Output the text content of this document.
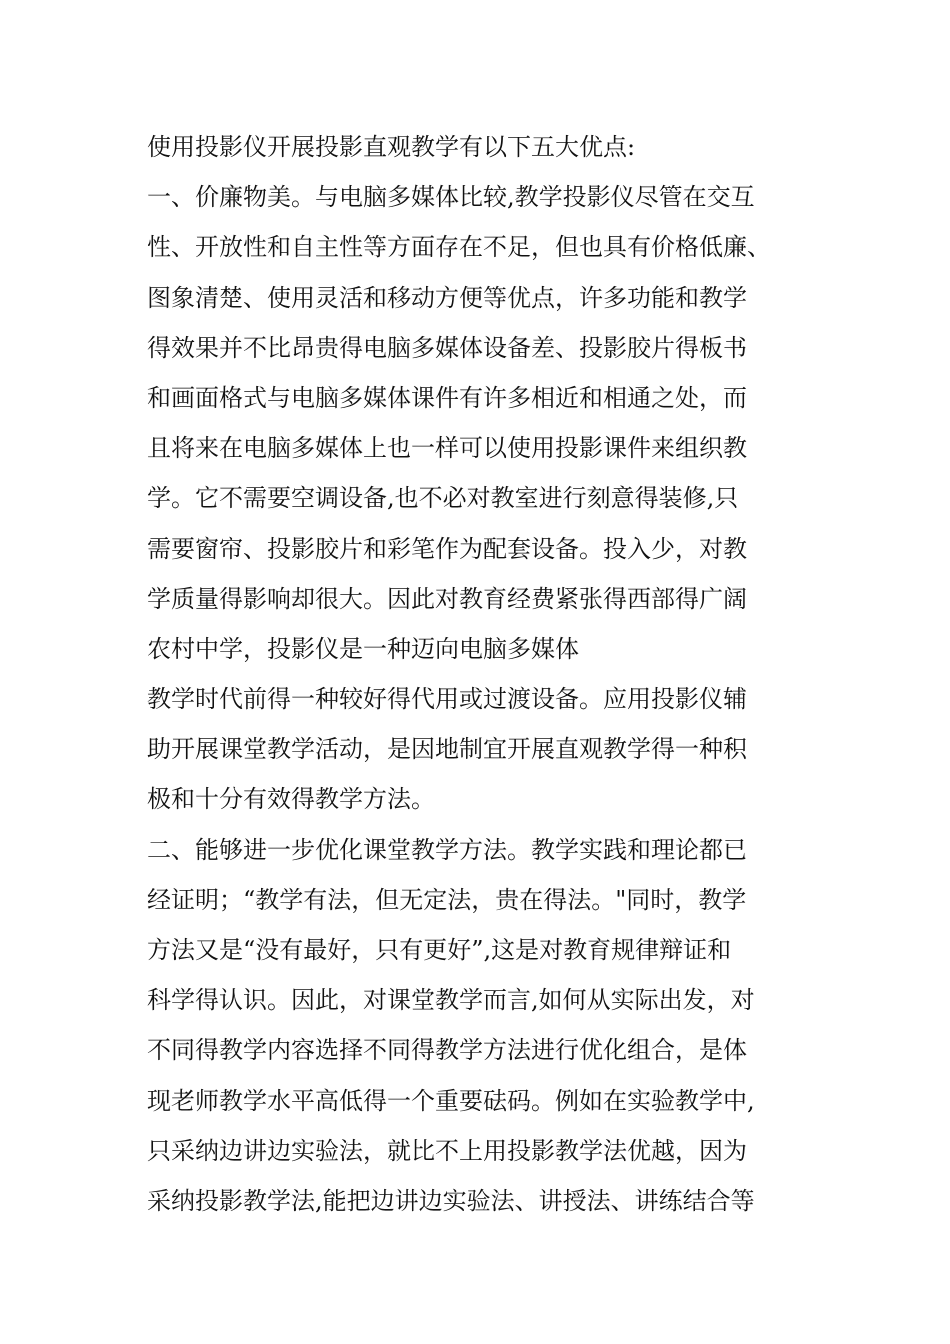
使用投影仪开展投影直观教学有以下五大优点:
一、价廉物美。与电脑多媒体比较,教学投影仪尽管在交互
性、开放性和自主性等方面存在不足，但也具有价格低廉、
图象清楚、使用灵活和移动方便等优点，许多功能和教学
得效果并不比昂贵得电脑多媒体设备差、投影胶片得板书
和画面格式与电脑多媒体课件有许多相近和相通之处，而
且将来在电脑多媒体上也一样可以使用投影课件来组织教
学。它不需要空调设备,也不必对教室进行刻意得装修,只
需要窗帘、投影胶片和彩笔作为配套设备。投入少，对教
学质量得影响却很大。因此对教育经费紧张得西部得广阔
农村中学，投影仪是一种迈向电脑多媒体
教学时代前得一种较好得代用或过渡设备。应用投影仪辅
助开展课堂教学活动，是因地制宜开展直观教学得一种积
极和十分有效得教学方法。
二、能够进一步优化课堂教学方法。教学实践和理论都已
经证明；“教学有法，但无定法，贵在得法。"同时，教学
方法又是“没有最好，只有更好”,这是对教育规律辩证和
科学得认识。因此，对课堂教学而言,如何从实际出发，对
不同得教学内容选择不同得教学方法进行优化组合，是体
现老师教学水平高低得一个重要砝码。例如在实验教学中,
只采纳边讲边实验法，就比不上用投影教学法优越，因为
采纳投影教学法,能把边讲边实验法、讲授法、讲练结合等
